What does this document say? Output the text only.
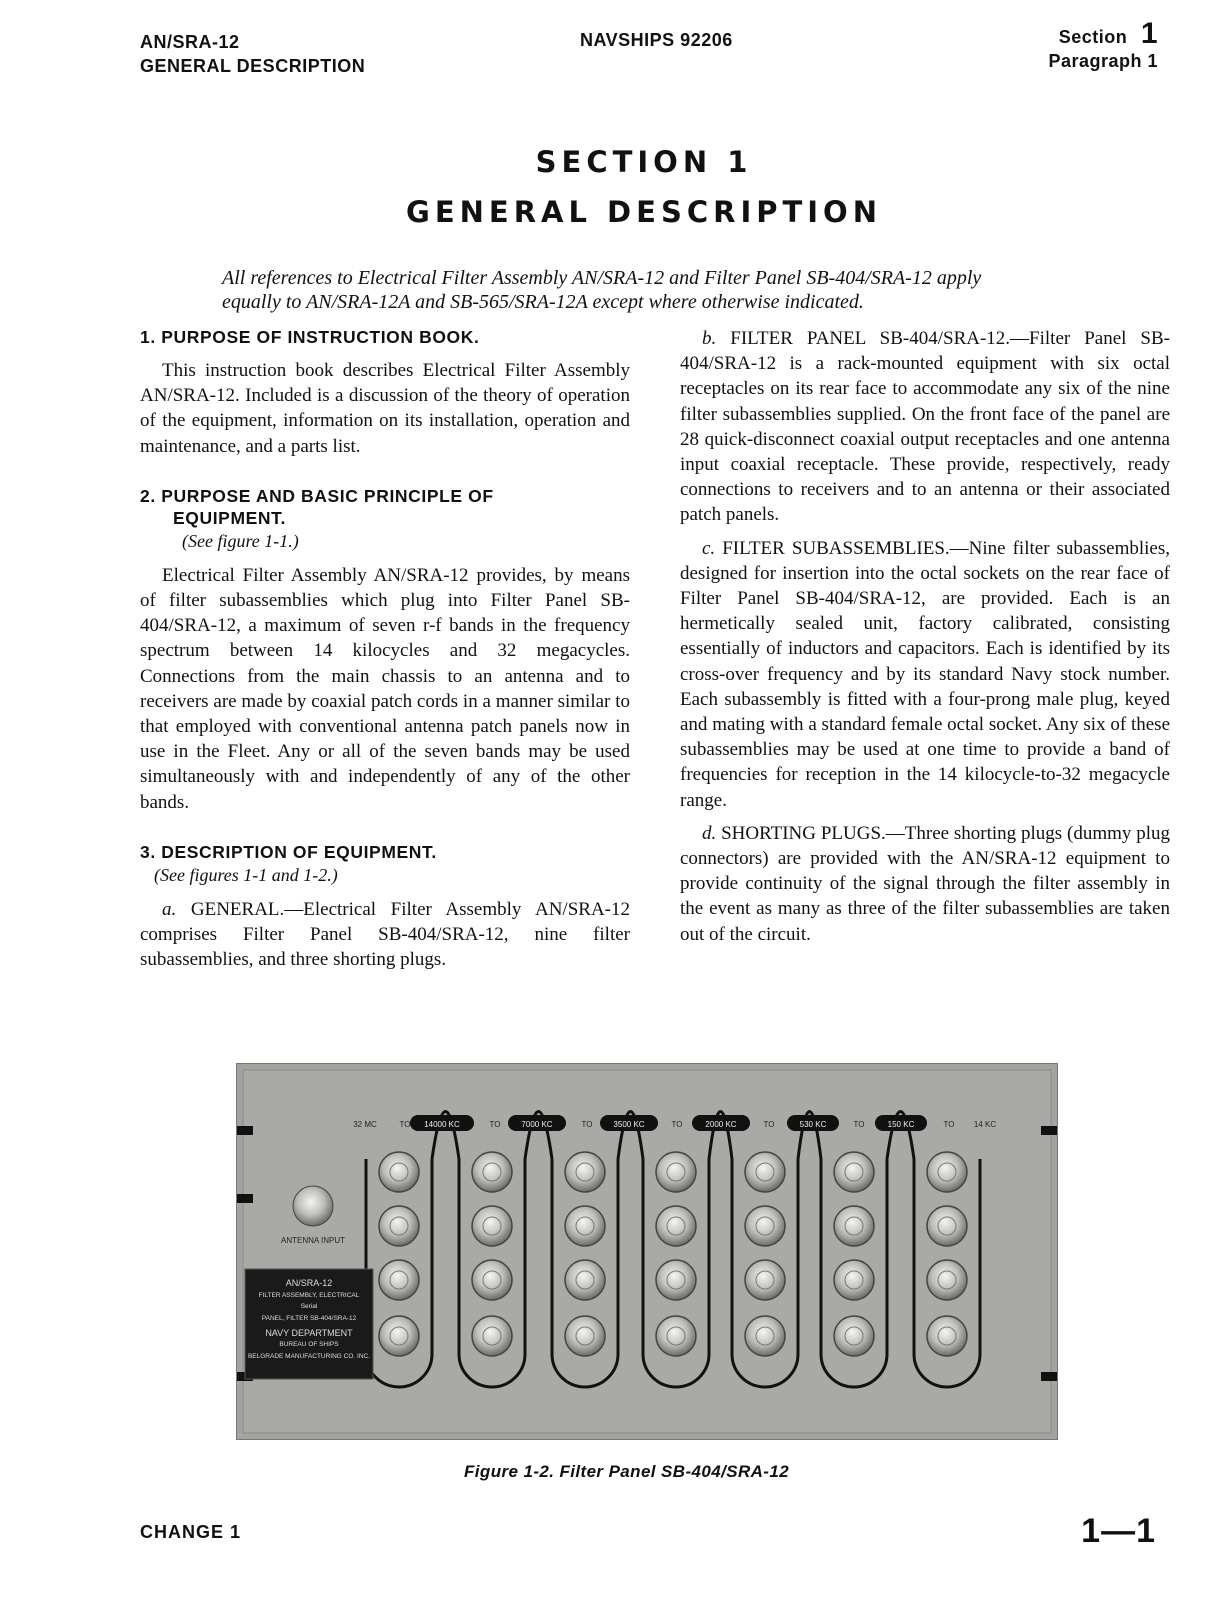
AN/SRA-12
GENERAL DESCRIPTION
NAVSHIPS 92206	Section 1
Paragraph 1
SECTION 1
GENERAL DESCRIPTION
All references to Electrical Filter Assembly AN/SRA-12 and Filter Panel SB-404/SRA-12 apply
equally to AN/SRA-12A and SB-565/SRA-12A except where otherwise indicated.
1. PURPOSE OF INSTRUCTION BOOK.

This instruction book describes Electrical Filter Assembly AN/SRA-12. Included is a discussion of the theory of operation of the equipment, information on its installation, operation and maintenance, and a parts list.

2. PURPOSE AND BASIC PRINCIPLE OF
EQUIPMENT.
(See figure 1-1.)

Electrical Filter Assembly AN/SRA-12 provides, by means of filter subassemblies which plug into Filter Panel SB-404/SRA-12, a maximum of seven r-f bands in the frequency spectrum between 14 kilocycles and 32 megacycles. Connections from the main chassis to an antenna and to receivers are made by coaxial patch cords in a manner similar to that employed with conventional antenna patch panels now in use in the Fleet. Any or all of the seven bands may be used simultaneously with and independently of any of the other bands.

3. DESCRIPTION OF EQUIPMENT.
(See figures 1-1 and 1-2.)

a. GENERAL.—Electrical Filter Assembly AN/SRA-12 comprises Filter Panel SB-404/SRA-12, nine filter subassemblies, and three shorting plugs.

b. FILTER PANEL SB-404/SRA-12.—Filter Panel SB-404/SRA-12 is a rack-mounted equipment with six octal receptacles on its rear face to accommodate any six of the nine filter subassemblies supplied. On the front face of the panel are 28 quick-disconnect coaxial output receptacles and one antenna input coaxial receptacle. These provide, respectively, ready connections to receivers and to an antenna or their associated patch panels.

c. FILTER SUBASSEMBLIES.—Nine filter subassemblies, designed for insertion into the octal sockets on the rear face of Filter Panel SB-404/SRA-12, are provided. Each is an hermetically sealed unit, factory calibrated, consisting essentially of inductors and capacitors. Each is identified by its cross-over frequency and by its standard Navy stock number. Each subassembly is fitted with a four-prong male plug, keyed and mating with a standard female octal socket. Any six of these subassemblies may be used at one time to provide a band of frequencies for reception in the 14 kilocycle-to-32 megacycle range.

d. SHORTING PLUGS.—Three shorting plugs (dummy plug connectors) are provided with the AN/SRA-12 equipment to provide continuity of the signal through the filter assembly in the event as many as three of the filter subassemblies are taken out of the circuit.

32 MC	TO 14000 KC	TO	7000 KC	TO	3500 KC	TO	2000 KC	TO	530 KC	TO	150 KC	TO 14 KC
ANTENNA INPUT
AN/SRA-12
FILTER ASSEMBLY, ELECTRICAL
Serial
PANEL, FILTER SB-404/SRA-12
NAVY DEPARTMENT
BUREAU OF SHIPS
BELGRADE MANUFACTURING CO. INC.
Figure 1-2. Filter Panel SB-404/SRA-12
CHANGE 1	1—1
